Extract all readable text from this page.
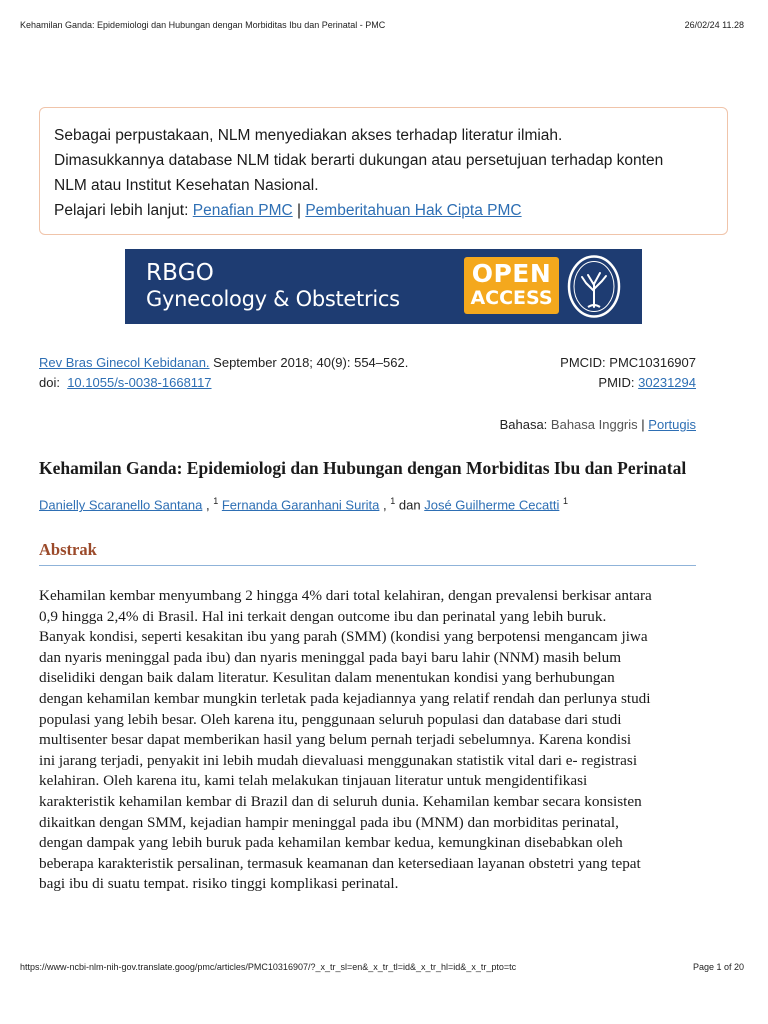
Kehamilan Ganda: Epidemiologi dan Hubungan dengan Morbiditas Ibu dan Perinatal - PMC	26/02/24 11.28
Sebagai perpustakaan, NLM menyediakan akses terhadap literatur ilmiah.
Dimasukkannya database NLM tidak berarti dukungan atau persetujuan terhadap konten
NLM atau Institut Kesehatan Nasional.
Pelajari lebih lanjut: Penafian PMC | Pemberitahuan Hak Cipta PMC
RBGO
Gynecology & Obstetrics
OPEN
ACCESS
Rev Bras Ginecol Kebidanan. September 2018; 40(9): 554–562.	PMCID: PMC10316907
doi: 10.1055/s-0038-1668117	PMID: 30231294
Bahasa: Bahasa Inggris | Portugis
Kehamilan Ganda: Epidemiologi dan Hubungan dengan Morbiditas Ibu dan Perinatal
Danielly Scaranello Santana , $^1$ Fernanda Garanhani Surita , $^1$ dan José Guilherme Cecatti $^1$
Abstrak
Kehamilan kembar menyumbang 2 hingga 4% dari total kelahiran, dengan prevalensi berkisar antara
0,9 hingga 2,4% di Brasil. Hal ini terkait dengan outcome ibu dan perinatal yang lebih buruk.
Banyak kondisi, seperti kesakitan ibu yang parah (SMM) (kondisi yang berpotensi mengancam jiwa
dan nyaris meninggal pada ibu) dan nyaris meninggal pada bayi baru lahir (NNM) masih belum
diselidiki dengan baik dalam literatur. Kesulitan dalam menentukan kondisi yang berhubungan
dengan kehamilan kembar mungkin terletak pada kejadiannya yang relatif rendah dan perlunya studi
populasi yang lebih besar. Oleh karena itu, penggunaan seluruh populasi dan database dari studi
multisenter besar dapat memberikan hasil yang belum pernah terjadi sebelumnya. Karena kondisi
ini jarang terjadi, penyakit ini lebih mudah dievaluasi menggunakan statistik vital dari e- registrasi
kelahiran. Oleh karena itu, kami telah melakukan tinjauan literatur untuk mengidentifikasi
karakteristik kehamilan kembar di Brazil dan di seluruh dunia. Kehamilan kembar secara konsisten
dikaitkan dengan SMM, kejadian hampir meninggal pada ibu (MNM) dan morbiditas perinatal,
dengan dampak yang lebih buruk pada kehamilan kembar kedua, kemungkinan disebabkan oleh
beberapa karakteristik persalinan, termasuk keamanan dan ketersediaan layanan obstetri yang tepat
bagi ibu di suatu tempat. risiko tinggi komplikasi perinatal.
https://www-ncbi-nlm-nih-gov.translate.goog/pmc/articles/PMC10316907/?_x_tr_sl=en&_x_tr_tl=id&_x_tr_hl=id&_x_tr_pto=tc	Page 1 of 20
